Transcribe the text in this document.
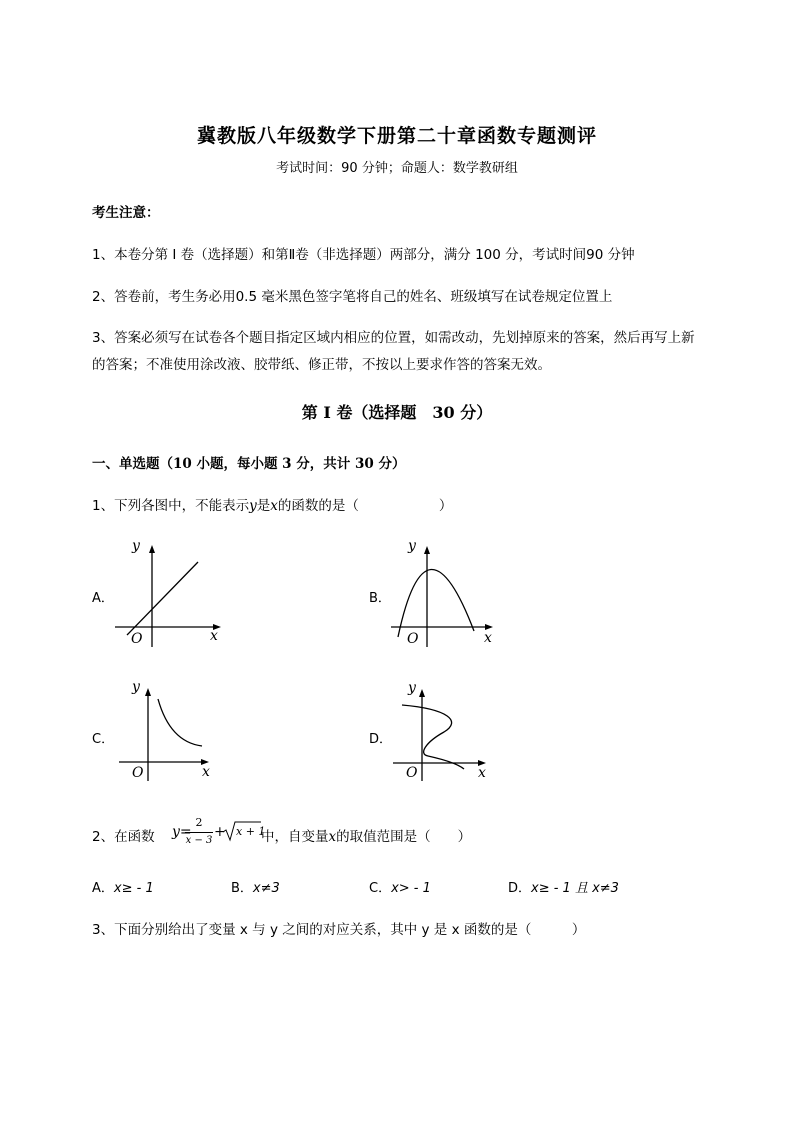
冀教版八年级数学下册第二十章函数专题测评
考试时间：90 分钟；命题人：数学教研组
考生注意：
1、本卷分第 I 卷（选择题）和第Ⅱ卷（非选择题）两部分，满分 100 分，考试时间90 分钟
2、答卷前，考生务必用0.5 毫米黑色签字笔将自己的姓名、班级填写在试卷规定位置上
3、答案必须写在试卷各个题目指定区域内相应的位置，如需改动，先划掉原来的答案，然后再写上新
的答案；不准使用涂改液、胶带纸、修正带，不按以上要求作答的答案无效。
第 I 卷（选择题　30 分）
一、单选题（10 小题，每小题 3 分，共计 30 分）
1、下列各图中，不能表示y是x的函数的是（	）
A．
y
x
O
B．
y
x
O
C．
y
x
O
D．
y
x
O
2、在函数 y=
2
x − 3
+ x + 1
中，自变量x的取值范围是（　　）
A．x≥ - 1	B．x≠3	C．x> - 1	D．x≥ - 1 且 x≠3
3、下面分别给出了变量 x 与 y 之间的对应关系，其中 y 是 x 函数的是（　　　）
